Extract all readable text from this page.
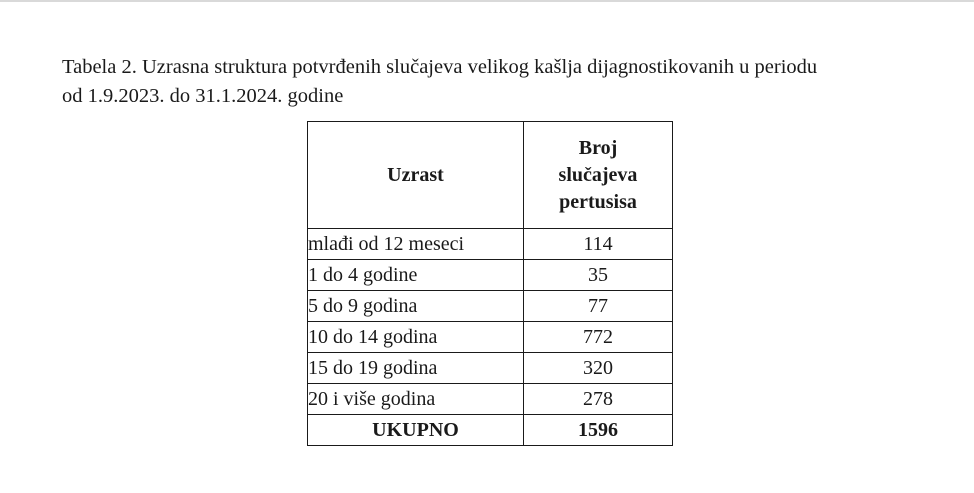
Tabela 2. Uzrasna struktura potvrđenih slučajeva velikog kašlja dijagnostikovanih u periodu
od 1.9.2023. do 31.1.2024. godine

Uzrast	Broj
slučajeva
pertusisa

mlađi od 12 meseci	114
1 do 4 godine	35
5 do 9 godina	77
10 do 14 godina	772
15 do 19 godina	320
20 i više godina	278
UKUPNO	1596
